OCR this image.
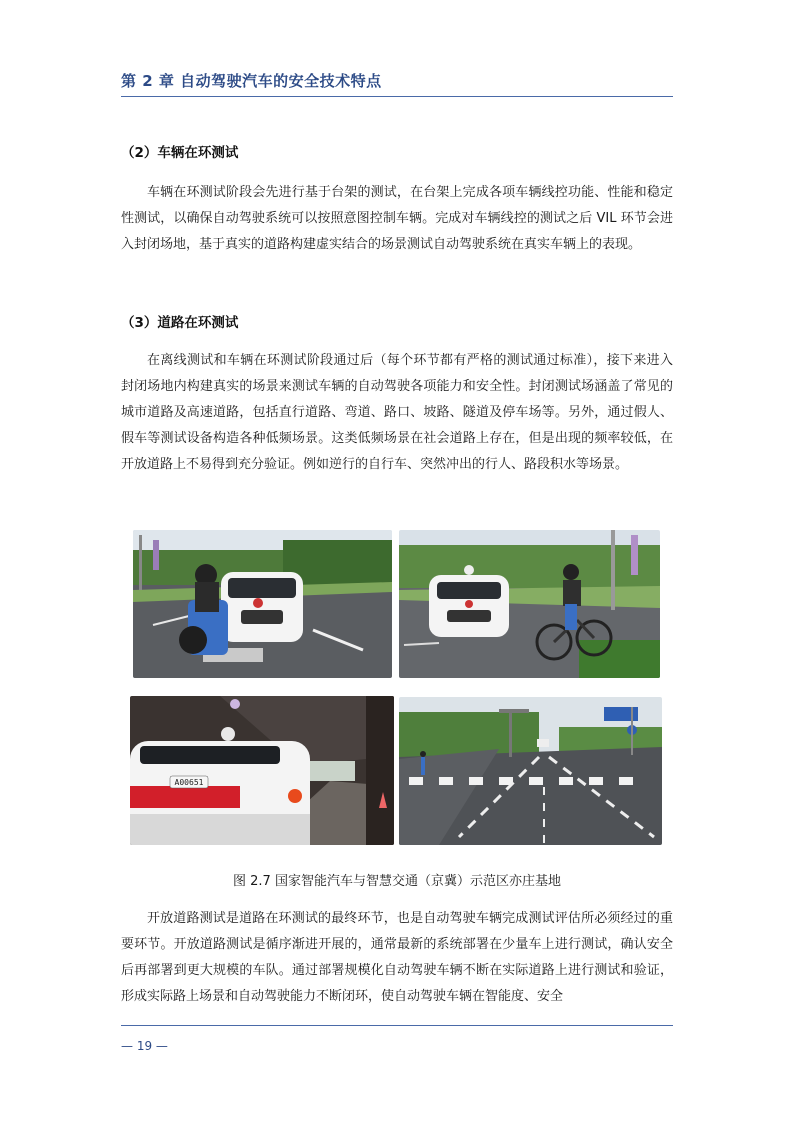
第 2 章 自动驾驶汽车的安全技术特点
（2）车辆在环测试

车辆在环测试阶段会先进行基于台架的测试，在台架上完成各项车辆线控功能、性能和稳定性测试，以确保自动驾驶系统可以按照意图控制车辆。完成对车辆线控的测试之后 VIL 环节会进入封闭场地，基于真实的道路构建虚实结合的场景测试自动驾驶系统在真实车辆上的表现。

（3）道路在环测试

在离线测试和车辆在环测试阶段通过后（每个环节都有严格的测试通过标准），接下来进入封闭场地内构建真实的场景来测试车辆的自动驾驶各项能力和安全性。封闭测试场涵盖了常见的城市道路及高速道路，包括直行道路、弯道、路口、坡路、隧道及停车场等。另外，通过假人、假车等测试设备构造各种低频场景。这类低频场景在社会道路上存在，但是出现的频率较低，在开放道路上不易得到充分验证。例如逆行的自行车、突然冲出的行人、路段积水等场景。

A00651
图 2.7 国家智能汽车与智慧交通（京冀）示范区亦庄基地

开放道路测试是道路在环测试的最终环节，也是自动驾驶车辆完成测试评估所必须经过的重要环节。开放道路测试是循序渐进开展的，通常最新的系统部署在少量车上进行测试，确认安全后再部署到更大规模的车队。通过部署规模化自动驾驶车辆不断在实际道路上进行测试和验证，形成实际路上场景和自动驾驶能力不断闭环，使自动驾驶车辆在智能度、安全

— 19 —
